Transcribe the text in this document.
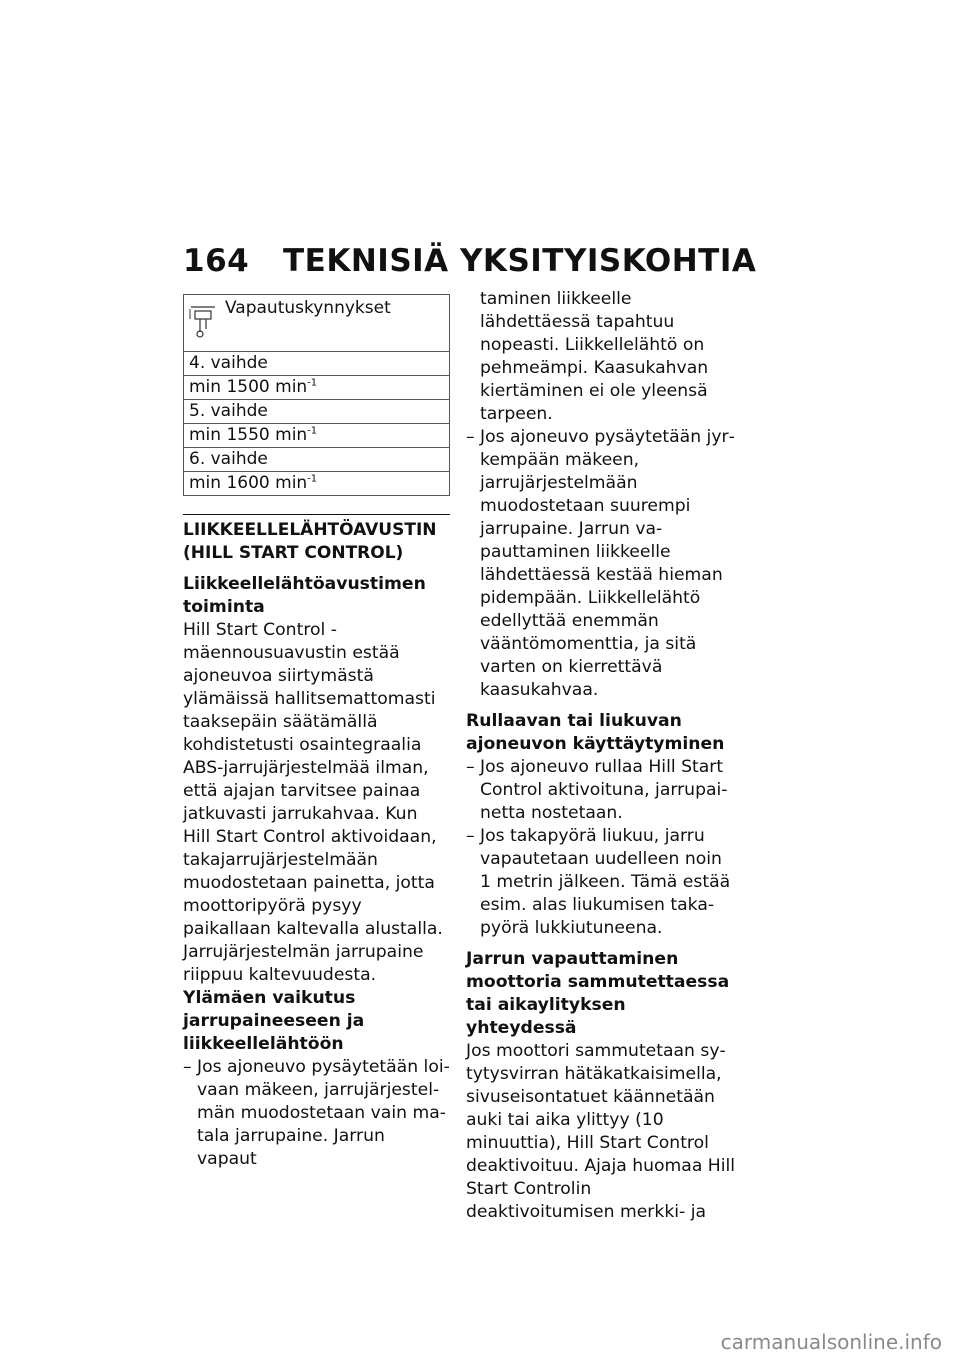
164 TEKNISIÄ YKSITYISKOHTIA
Vapautuskynnykset

4. vaihde
min 1500 $\min^{-1}$
5. vaihde
min 1550 $\min^{-1}$
6. vaihde
min 1600 $\min^{-1}$
LIIKKEELLELÄHTÖAVUSTIN
(HILL START CONTROL)

Liikkeellelähtöavustimen toiminta

Hill Start Control -mäennousuavustin estää ajoneuvoa siirtymästä ylämäissä hallitsemattomasti taaksepäin säätämällä kohdistetusti osaintegraalia ABS-jarrujärjestelmää ilman, että ajajan tarvitsee painaa jatkuvasti jarrukahvaa. Kun Hill Start Control aktivoidaan, takajarrujärjestelmään muodostetaan painetta, jotta moottoripyörä pysyy paikallaan kaltevalla alustalla.

Jarrujärjestelmän jarrupaine riippuu kaltevuudesta.

Ylämäen vaikutus jarrupaineeseen ja liikkeellelähtöön

– Jos ajoneuvo pysäytetään loivaan mäkeen, jarrujärjestelmän muodostetaan vain matala jarrupaine. Jarrun vapaut
taminen liikkeelle lähdettäessä tapahtuu nopeasti. Liikkellelähtö on pehmeämpi. Kaasukahvan kiertäminen ei ole yleensä tarpeen.
– Jos ajoneuvo pysäytetään jyrkempään mäkeen, jarrujärjestelmään muodostetaan suurempi jarrupaine. Jarrun vapauttaminen liikkeelle lähdettäessä kestää hieman pidempään. Liikkellelähtö edellyttää enemmän vääntömomenttia, ja sitä varten on kierrettävä kaasukahvaa.

Rullaavan tai liukuvan ajoneuvon käyttäytyminen

– Jos ajoneuvo rullaa Hill Start Control aktivoituna, jarrupainetta nostetaan.
– Jos takapyörä liukuu, jarru vapautetaan uudelleen noin 1 metrin jälkeen. Tämä estää esim. alas liukumisen takapyörä lukkiutuneena.

Jarrun vapauttaminen moottoria sammutettaessa tai aikaylityksen yhteydessä

Jos moottori sammutetaan sytytysvirran hätäkatkaisimella, sivuseisontatuet käännetään auki tai aika ylittyy (10 minuuttia), Hill Start Control deaktivoituu. Ajaja huomaa Hill Start Controlin deaktivoitumisen merkki- ja

carmanualsonline.info
